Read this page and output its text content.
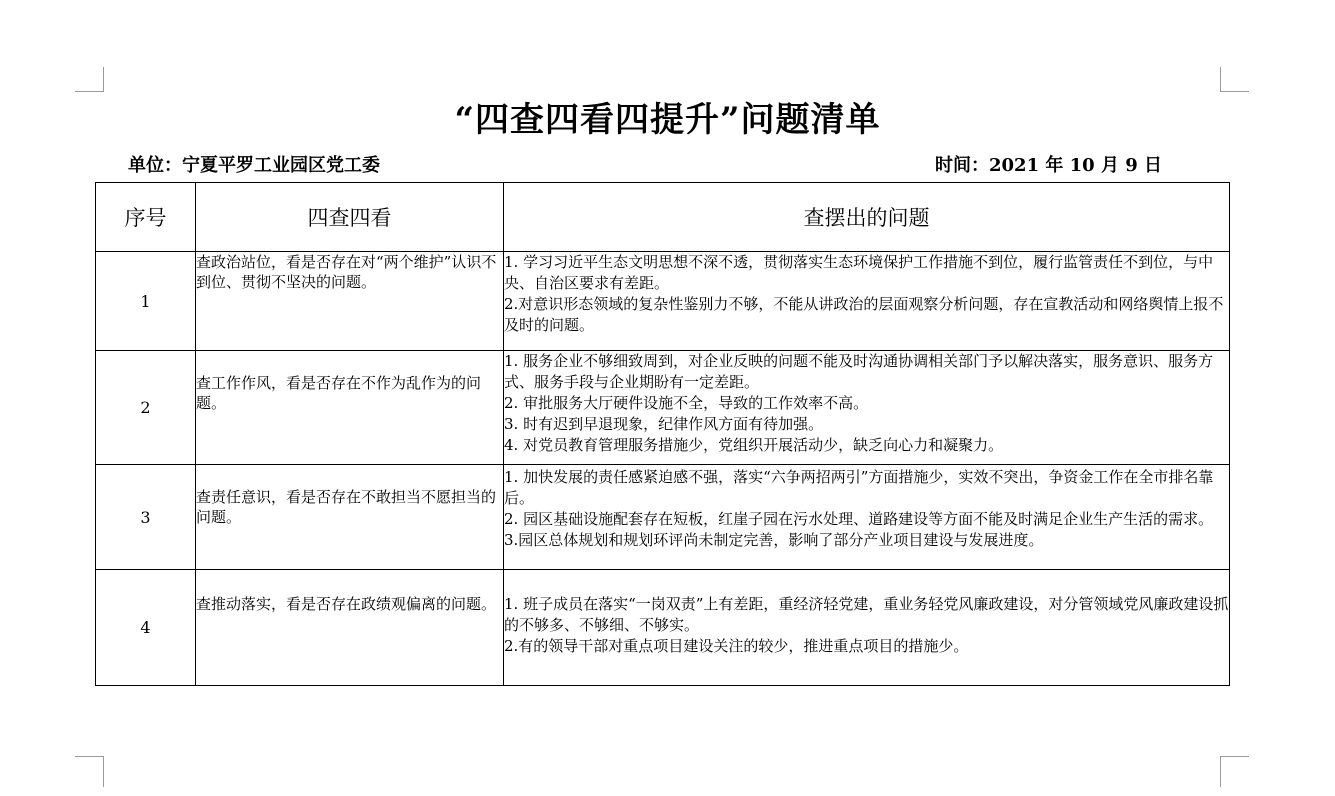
“四查四看四提升”问题清单
单位：宁夏平罗工业园区党工委	时间：2021 年 10 月 9 日
序号	四查四看	查摆出的问题
1	查政治站位，看是否存在对“两个维护”认识不到位、贯彻不坚决的问题。	1. 学习习近平生态文明思想不深不透，贯彻落实生态环境保护工作措施不到位，履行监管责任不到位，与中央、自治区要求有差距。
2.对意识形态领域的复杂性鉴别力不够，不能从讲政治的层面观察分析问题，存在宣教活动和网络舆情上报不及时的问题。

2	查工作作风，看是否存在不作为乱作为的问题。	1. 服务企业不够细致周到，对企业反映的问题不能及时沟通协调相关部门予以解决落实，服务意识、服务方式、服务手段与企业期盼有一定差距。
2. 审批服务大厅硬件设施不全，导致的工作效率不高。
3. 时有迟到早退现象，纪律作风方面有待加强。
4. 对党员教育管理服务措施少，党组织开展活动少，缺乏向心力和凝聚力。

3	查责任意识，看是否存在不敢担当不愿担当的问题。	1. 加快发展的责任感紧迫感不强，落实“六争两招两引”方面措施少，实效不突出，争资金工作在全市排名靠后。
2. 园区基础设施配套存在短板，红崖子园在污水处理、道路建设等方面不能及时满足企业生产生活的需求。
3.园区总体规划和规划环评尚未制定完善，影响了部分产业项目建设与发展进度。

4	查推动落实，看是否存在政绩观偏离的问题。	1. 班子成员在落实“一岗双责”上有差距，重经济轻党建，重业务轻党风廉政建设，对分管领域党风廉政建设抓的不够多、不够细、不够实。
2.有的领导干部对重点项目建设关注的较少，推进重点项目的措施少。
